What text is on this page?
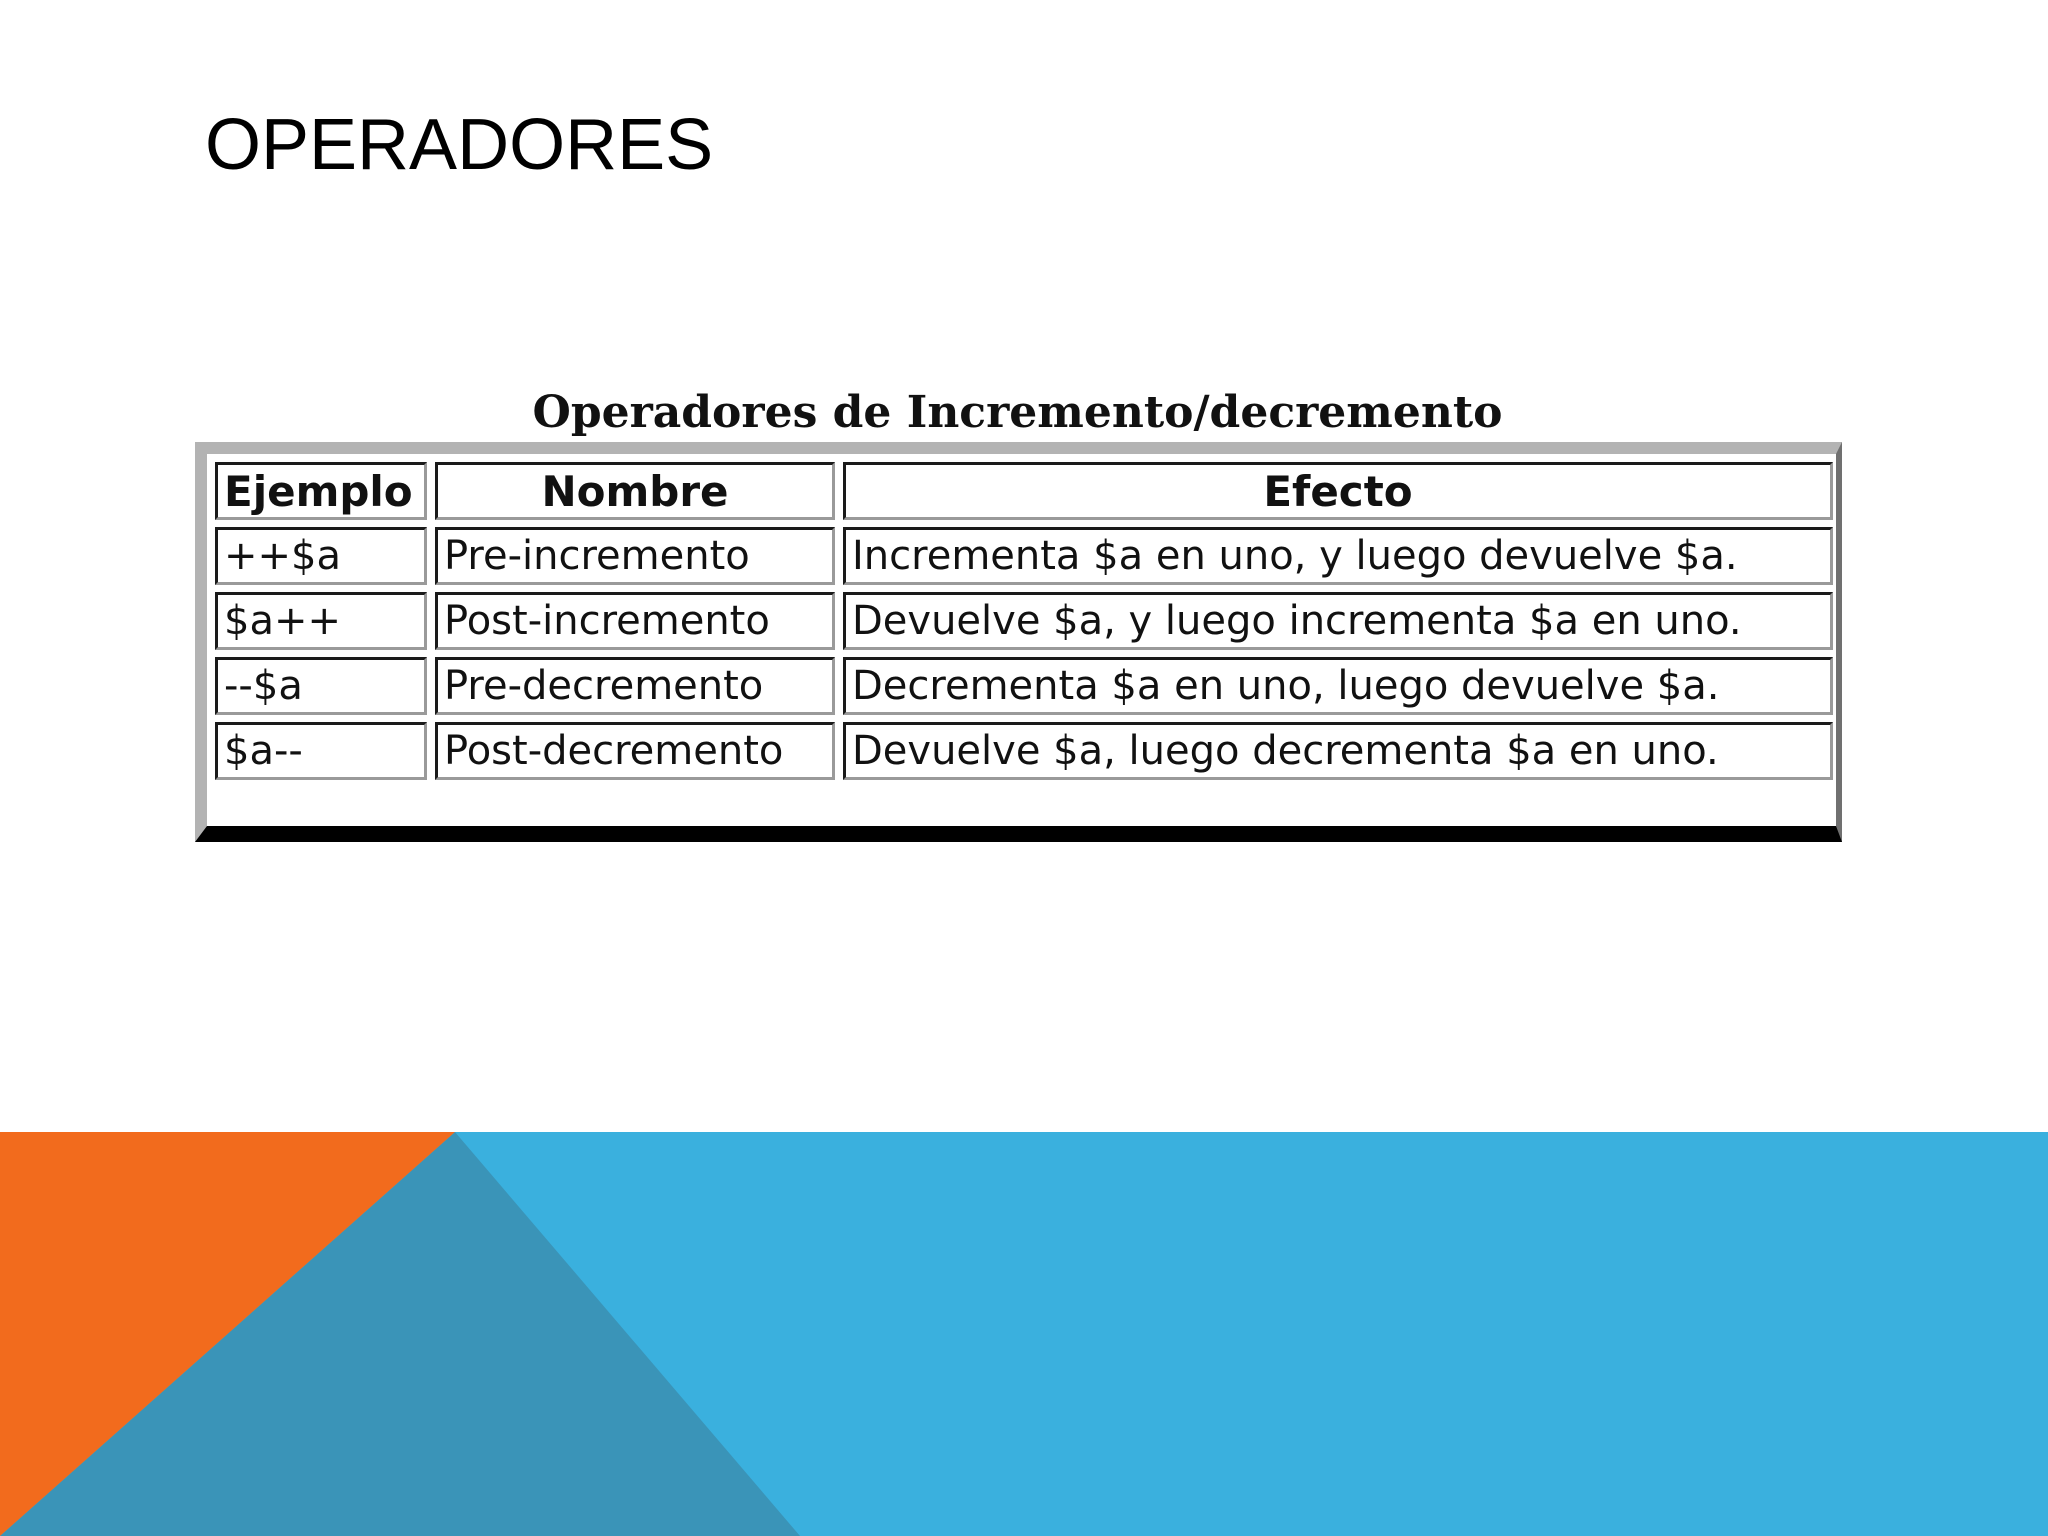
OPERADORES
Operadores de Incremento/decremento
Ejemplo	Nombre	Efecto
++$a	Pre-incremento	Incrementa $a en uno, y luego devuelve $a.
$a++	Post-incremento	Devuelve $a, y luego incrementa $a en uno.
--$a	Pre-decremento	Decrementa $a en uno, luego devuelve $a.
$a--	Post-decremento	Devuelve $a, luego decrementa $a en uno.
